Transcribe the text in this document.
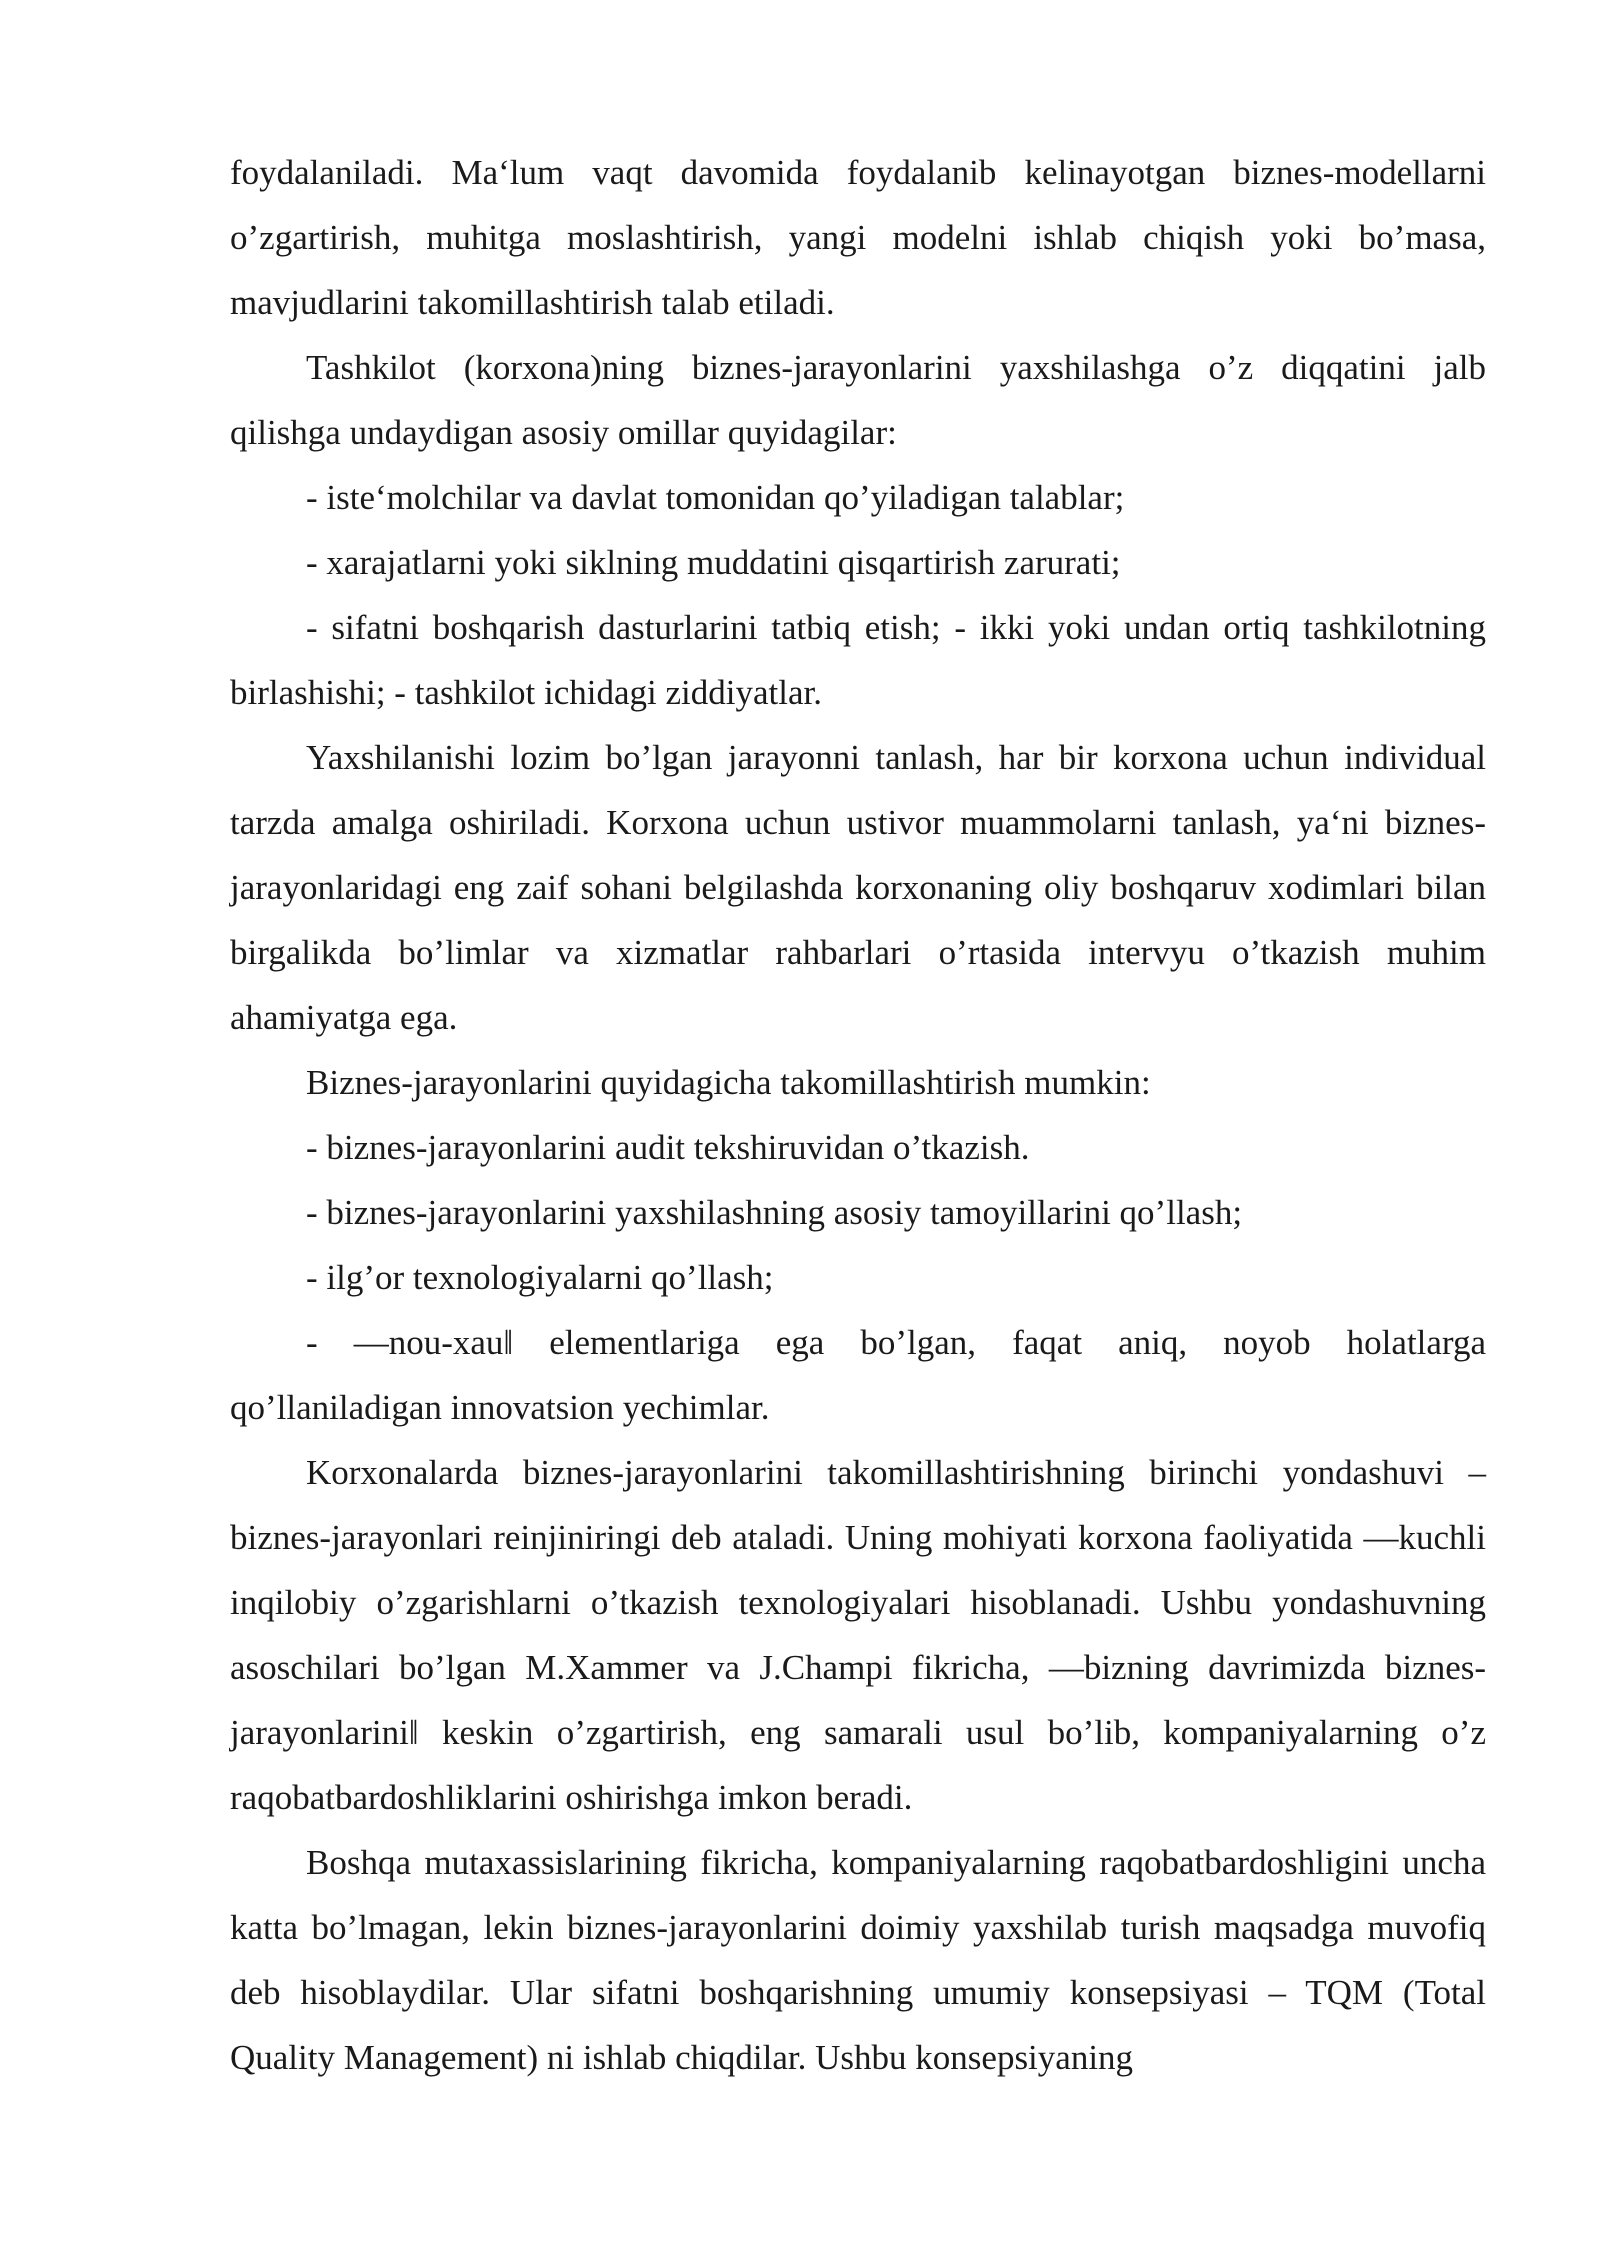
foydalaniladi. Ma‘lum vaqt davomida foydalanib kelinayotgan biznes-modellarni o’zgartirish, muhitga moslashtirish, yangi modelni ishlab chiqish yoki bo’masa, mavjudlarini takomillashtirish talab etiladi.

Tashkilot (korxona)ning biznes-jarayonlarini yaxshilashga o’z diqqatini jalb qilishga undaydigan asosiy omillar quyidagilar:

- iste‘molchilar va davlat tomonidan qo’yiladigan talablar;

- xarajatlarni yoki siklning muddatini qisqartirish zarurati;

- sifatni boshqarish dasturlarini tatbiq etish; - ikki yoki undan ortiq tashkilotning birlashishi; - tashkilot ichidagi ziddiyatlar.

Yaxshilanishi lozim bo’lgan jarayonni tanlash, har bir korxona uchun individual tarzda amalga oshiriladi. Korxona uchun ustivor muammolarni tanlash, ya‘ni biznes-jarayonlaridagi eng zaif sohani belgilashda korxonaning oliy boshqaruv xodimlari bilan birgalikda bo’limlar va xizmatlar rahbarlari o’rtasida intervyu o’tkazish muhim ahamiyatga ega.

Biznes-jarayonlarini quyidagicha takomillashtirish mumkin:

- biznes-jarayonlarini audit tekshiruvidan o’tkazish.

- biznes-jarayonlarini yaxshilashning asosiy tamoyillarini qo’llash;

- ilg’or texnologiyalarni qo’llash;

- ―nou-xau‖ elementlariga ega bo’lgan, faqat aniq, noyob holatlarga qo’llaniladigan innovatsion yechimlar.

Korxonalarda biznes-jarayonlarini takomillashtirishning birinchi yondashuvi – biznes-jarayonlari reinjiniringi deb ataladi. Uning mohiyati korxona faoliyatida ―kuchli inqilobiy o’zgarishlarni o’tkazish texnologiyalari hisoblanadi. Ushbu yondashuvning asoschilari bo’lgan M.Xammer va J.Champi fikricha, ―bizning davrimizda biznes-jarayonlarini‖ keskin o’zgartirish, eng samarali usul bo’lib, kompaniyalarning o’z raqobatbardoshliklarini oshirishga imkon beradi.

Boshqa mutaxassislarining fikricha, kompaniyalarning raqobatbardoshligini uncha katta bo’lmagan, lekin biznes-jarayonlarini doimiy yaxshilab turish maqsadga muvofiq deb hisoblaydilar. Ular sifatni boshqarishning umumiy konsepsiyasi – TQM (Total Quality Management) ni ishlab chiqdilar. Ushbu konsepsiyaning
